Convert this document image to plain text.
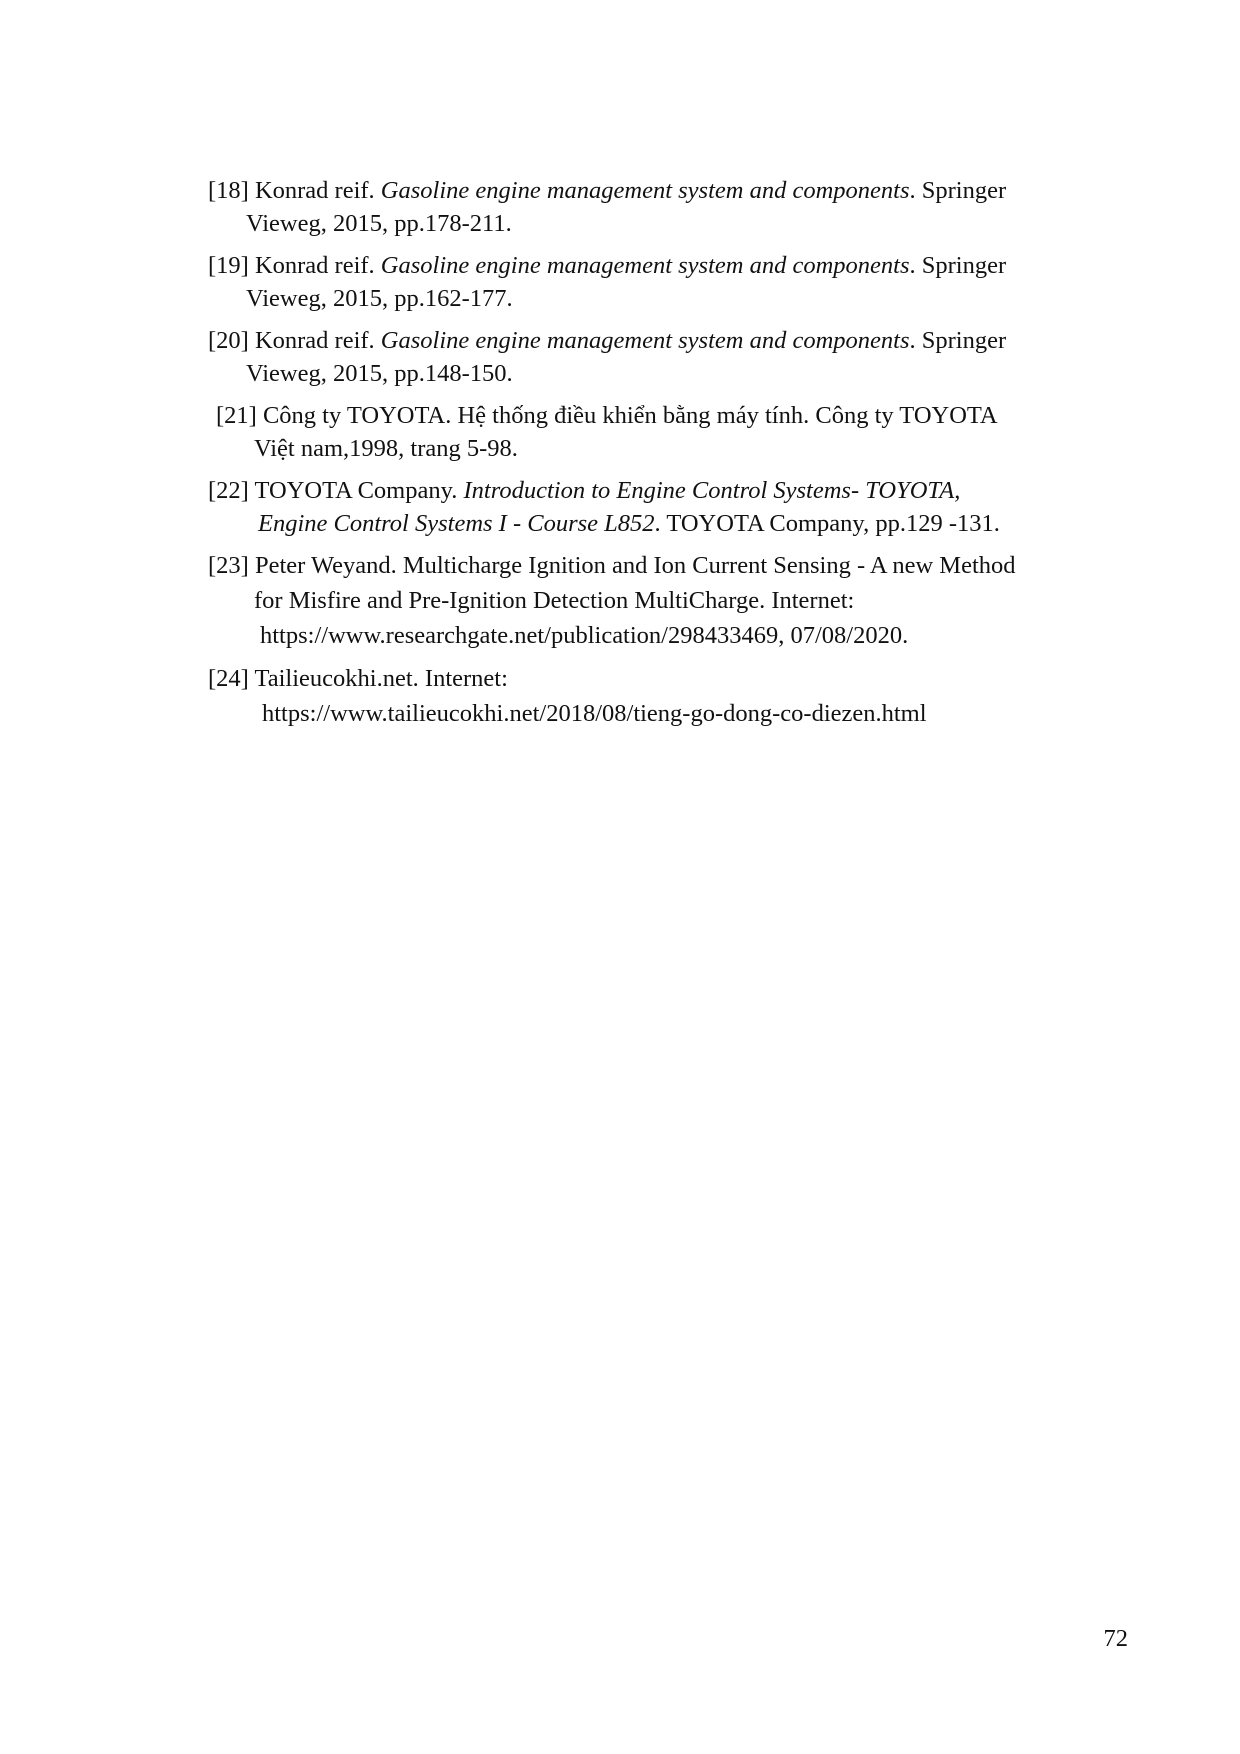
[18] Konrad reif. Gasoline engine management system and components. Springer
Vieweg, 2015, pp.178-211.
[19] Konrad reif. Gasoline engine management system and components. Springer
Vieweg, 2015, pp.162-177.
[20] Konrad reif. Gasoline engine management system and components. Springer
Vieweg, 2015, pp.148-150.
[21] Công ty TOYOTA. Hệ thống điều khiển bằng máy tính. Công ty TOYOTA
Việt nam,1998, trang 5-98.
[22] TOYOTA Company. Introduction to Engine Control Systems- TOYOTA,
Engine Control Systems I - Course L852. TOYOTA Company, pp.129 -131.
[23] Peter Weyand. Multicharge Ignition and Ion Current Sensing - A new Method
for Misfire and Pre-Ignition Detection MultiCharge. Internet:
https://www.researchgate.net/publication/298433469, 07/08/2020.
[24] Tailieucokhi.net. Internet:
https://www.tailieucokhi.net/2018/08/tieng-go-dong-co-diezen.html
72
